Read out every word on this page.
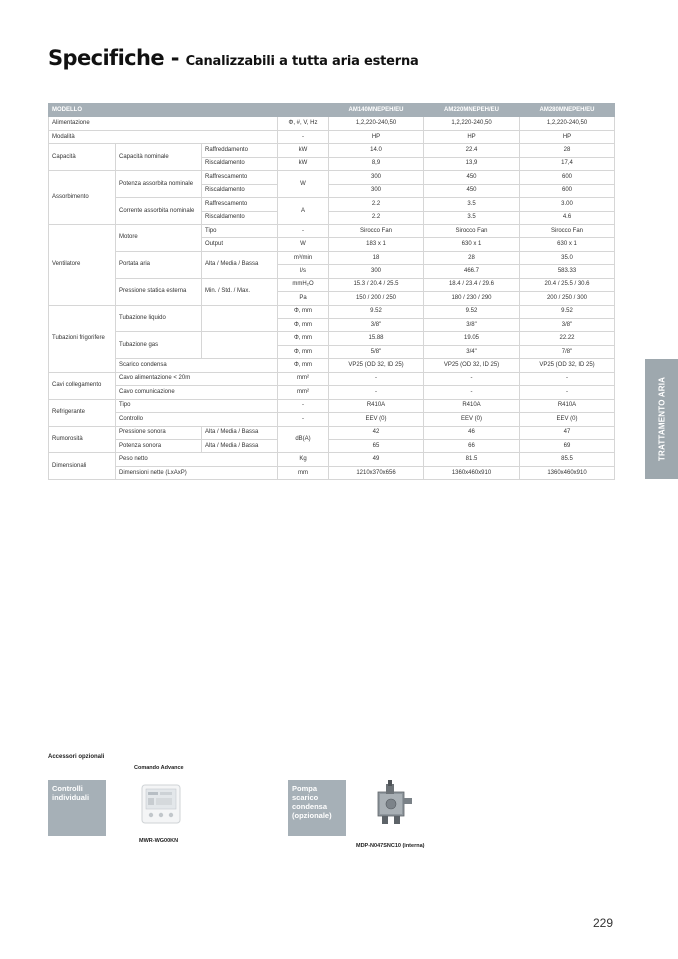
Specifiche - Canalizzabili a tutta aria esterna
MODELLO				AM140MNEPEH/EU	AM220MNEPEH/EU	AM280MNEPEH/EU
Alimentazione			Φ, #, V, Hz	1,2,220-240,50	1,2,220-240,50	1,2,220-240,50
Modalità			-	HP	HP	HP
Capacità	Capacità nominale	Raffreddamento	kW	14.0	22.4	28
		Riscaldamento	kW	8,9	13,9	17,4
Assorbimento	Potenza assorbita nominale	Raffrescamento	W	300	450	600
		Riscaldamento		300	450	600
	Corrente assorbita nominale	Raffrescamento	A	2.2	3.5	3.00
		Riscaldamento		2.2	3.5	4.6
Ventilatore	Motore	Tipo	-	Sirocco Fan	Sirocco Fan	Sirocco Fan
		Output	W	183 x 1	630 x 1	630 x 1
	Portata aria	Alta / Media / Bassa	m³/min	18	28	35.0
			l/s	300	466.7	583.33
	Pressione statica esterna	Min. / Std. / Max.	mmH₂O	15.3 / 20.4 / 25.5	18.4 / 23.4 / 29.6	20.4 / 25.5 / 30.6
			Pa	150 / 200 / 250	180 / 230 / 290	200 / 250 / 300
Tubazioni frigorifere	Tubazione liquido		Φ, mm	9.52	9.52	9.52
			Φ, mm	3/8"	3/8"	3/8"
	Tubazione gas		Φ, mm	15.88	19.05	22.22
			Φ, mm	5/8"	3/4"	7/8"
	Scarico condensa		Φ, mm	VP25 (OD 32, ID 25)	VP25 (OD 32, ID 25)	VP25 (OD 32, ID 25)
Cavi collegamento	Cavo alimentazione < 20m		mm²	-	-	-
	Cavo comunicazione		mm²	-	-	-
Refrigerante	Tipo		-	R410A	R410A	R410A
	Controllo		-	EEV (0)	EEV (0)	EEV (0)
Rumorosità	Pressione sonora	Alta / Media / Bassa	dB(A)	42	46	47
	Potenza sonora	Alta / Media / Bassa		65	66	69
Dimensionali	Peso netto		Kg	49	81.5	85.5
	Dimensioni nette (LxAxP)		mm	1210x370x656	1360x460x910	1360x460x910
TRATTAMENTO ARIA
Accessori opzionali
Comando Advance
Controlli individuali
MWR-WG00KN
Pompa scarico condensa (opzionale)
MDP-N047SNC10 (interna)
229
